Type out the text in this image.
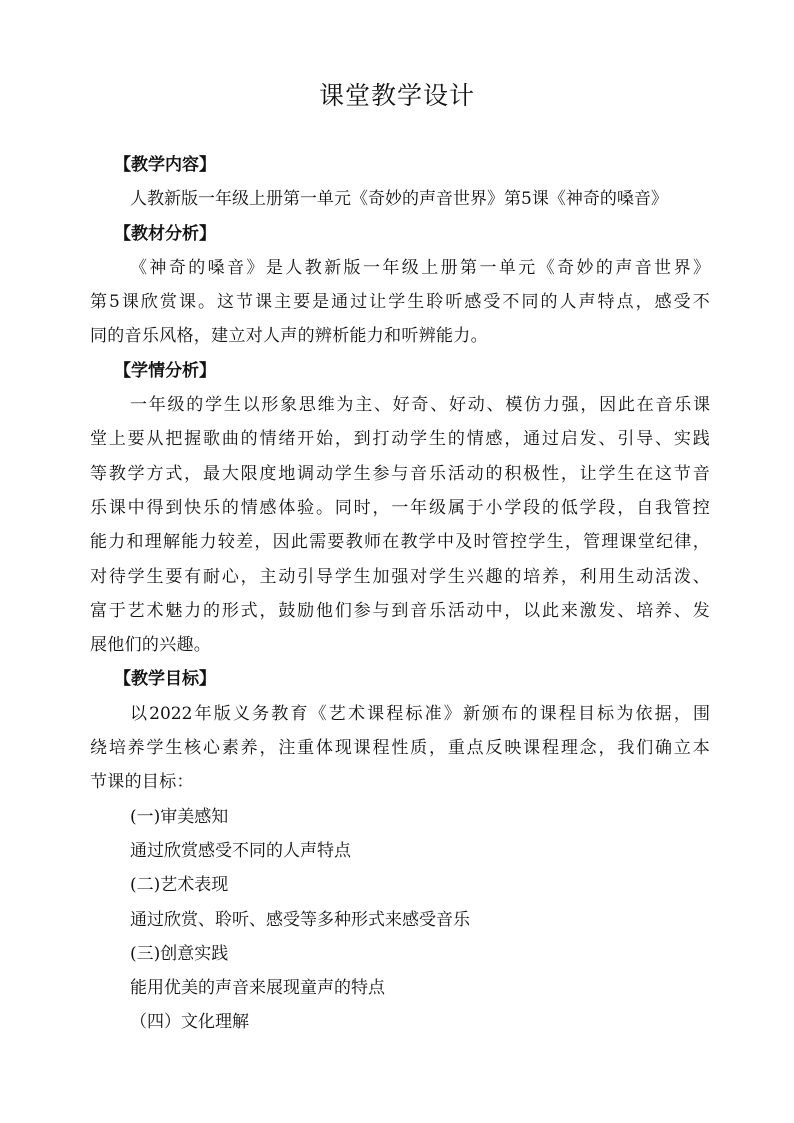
课堂教学设计
【教学内容】
人教新版一年级上册第一单元《奇妙的声音世界》第5课《神奇的嗓音》
【教材分析】
《神奇的嗓音》是人教新版一年级上册第一单元《奇妙的声音世界》
第5课欣赏课。这节课主要是通过让学生聆听感受不同的人声特点，感受不
同的音乐风格，建立对人声的辨析能力和听辨能力。
【学情分析】
一年级的学生以形象思维为主、好奇、好动、模仿力强，因此在音乐课
堂上要从把握歌曲的情绪开始，到打动学生的情感，通过启发、引导、实践
等教学方式，最大限度地调动学生参与音乐活动的积极性，让学生在这节音
乐课中得到快乐的情感体验。同时，一年级属于小学段的低学段，自我管控
能力和理解能力较差，因此需要教师在教学中及时管控学生，管理课堂纪律，
对待学生要有耐心，主动引导学生加强对学生兴趣的培养，利用生动活泼、
富于艺术魅力的形式，鼓励他们参与到音乐活动中，以此来激发、培养、发
展他们的兴趣。
【教学目标】
以2022年版义务教育《艺术课程标准》新颁布的课程目标为依据，围
绕培养学生核心素养，注重体现课程性质，重点反映课程理念，我们确立本
节课的目标：
(一)审美感知
通过欣赏感受不同的人声特点
(二)艺术表现
通过欣赏、聆听、感受等多种形式来感受音乐
(三)创意实践
能用优美的声音来展现童声的特点
（四）文化理解
